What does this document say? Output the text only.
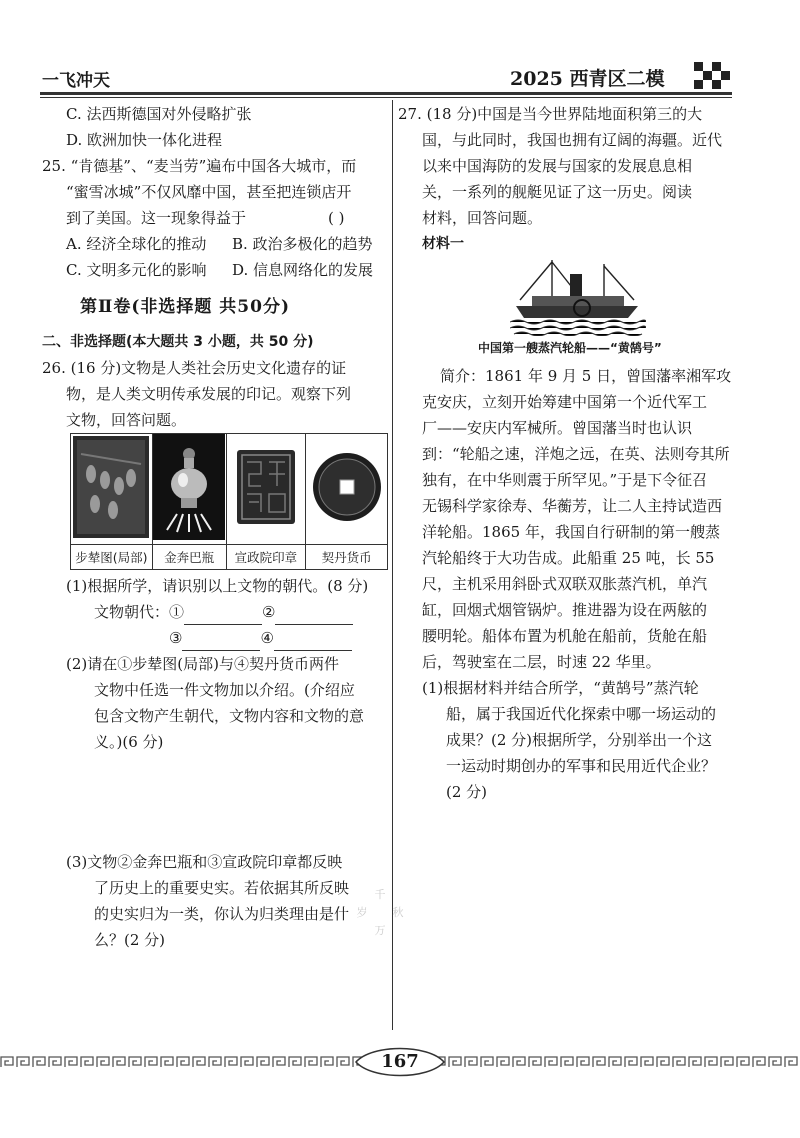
一飞冲天	2025 西青区二模
C. 法西斯德国对外侵略扩张
D. 欧洲加快一体化进程
25. “肯德基”、“麦当劳”遍布中国各大城市，而
“蜜雪冰城”不仅风靡中国，甚至把连锁店开
到了美国。这一现象得益于	( )
A. 经济全球化的推动 B. 政治多极化的趋势
C. 文明多元化的影响 D. 信息网络化的发展
第Ⅱ卷(非选择题 共50分)
二、非选择题(本大题共 3 小题，共 50 分)
26. (16 分)文物是人类社会历史文化遗存的证
物，是人类文明传承发展的印记。观察下列
文物，回答问题。

千
秋
万
岁

步辇图(局部)	金奔巴瓶	宣政院印章	契丹货币
(1)根据所学，请识别以上文物的朝代。(8 分)
文物朝代：①	②
③	④
(2)请在①步辇图(局部)与④契丹货币两件
文物中任选一件文物加以介绍。(介绍应
包含文物产生朝代，文物内容和文物的意
义。)(6 分)
(3)文物②金奔巴瓶和③宣政院印章都反映
了历史上的重要史实。若依据其所反映
的史实归为一类，你认为归类理由是什
么？(2 分)
27. (18 分)中国是当今世界陆地面积第三的大
国，与此同时，我国也拥有辽阔的海疆。近代
以来中国海防的发展与国家的发展息息相
关，一系列的舰艇见证了这一历史。阅读
材料，回答问题。
材料一
中国第一艘蒸汽轮船——“黄鹄号”
简介：1861 年 9 月 5 日，曾国藩率湘军攻
克安庆，立刻开始筹建中国第一个近代军工
厂——安庆内军械所。曾国藩当时也认识
到：“轮船之速，洋炮之远，在英、法则夸其所
独有，在中华则震于所罕见。”于是下令征召
无锡科学家徐寿、华蘅芳，让二人主持试造西
洋轮船。1865 年，我国自行研制的第一艘蒸
汽轮船终于大功告成。此船重 25 吨，长 55
尺，主机采用斜卧式双联双胀蒸汽机，单汽
缸，回烟式烟管锅炉。推进器为设在两舷的
腰明轮。船体布置为机舱在船前，货舱在船
后，驾驶室在二层，时速 22 华里。
(1)根据材料并结合所学，“黄鹄号”蒸汽轮
船，属于我国近代化探索中哪一场运动的
成果？(2 分)根据所学，分别举出一个这
一运动时期创办的军事和民用近代企业？
(2 分)
167
